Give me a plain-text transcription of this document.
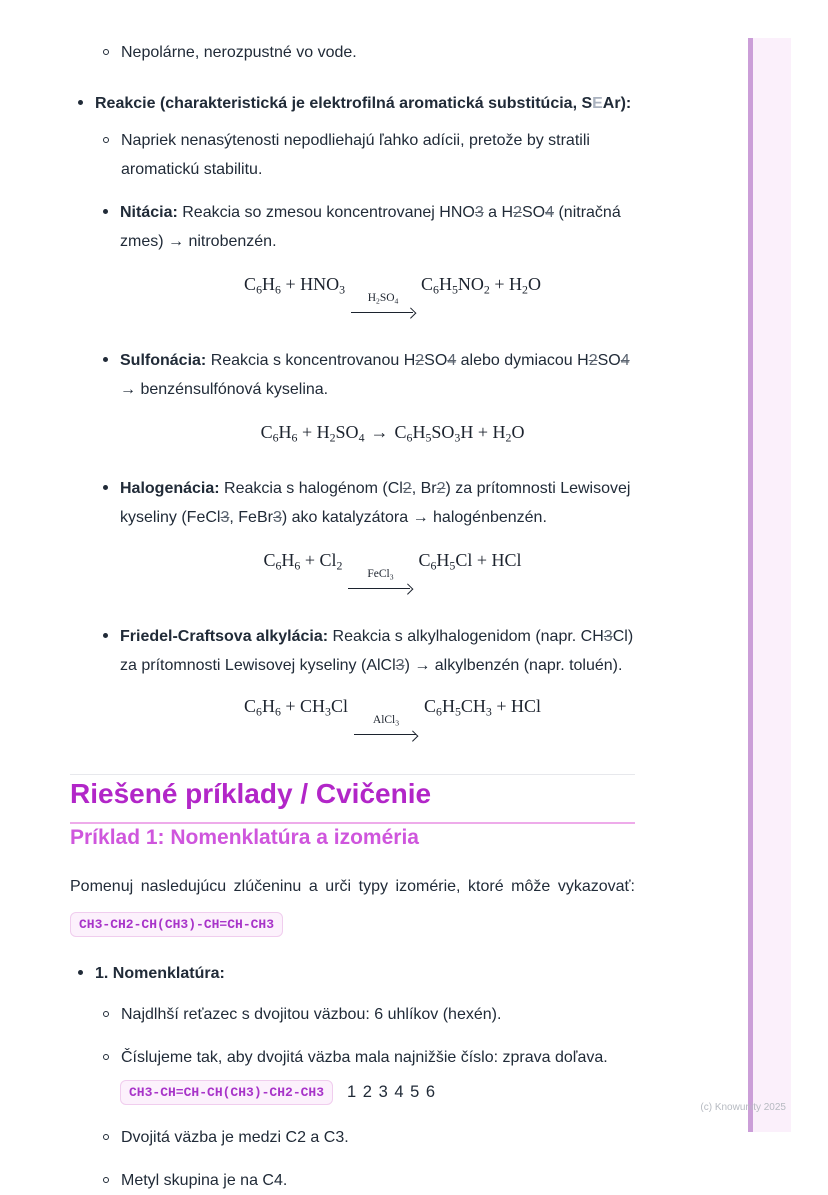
Nepolárne, nerozpustné vo vode.
Reakcie (charakteristická je elektrofilná aromatická substitúcia, SEAr):
Napriek nenasýtenosti nepodliehajú ľahko adícii, pretože by stratili aromatickú stabilitu.
Nitácia: Reakcia so zmesou koncentrovanej HNO3 a H2SO4 (nitračná zmes) → nitrobenzén.
$C_6H_6 + HNO_3$
$H_2SO_4$
$C_6H_5NO_2 + H_2O$
Sulfonácia: Reakcia s koncentrovanou H2SO4 alebo dymiacou H2SO4 → benzénsulfónová kyselina.
$C_6H_6 + H_2SO_4 \to C_6H_5SO_3H + H_2O$
Halogenácia: Reakcia s halogénom (Cl2, Br2) za prítomnosti Lewisovej kyseliny (FeCl3, FeBr3) ako katalyzátora → halogénbenzén.
$C_6H_6 + Cl_2$
FeCl$_3$
$C_6H_5Cl$ + HCl
Friedel-Craftsova alkylácia: Reakcia s alkylhalogenidom (napr. CH3Cl) za prítomnosti Lewisovej kyseliny (AlCl3) → alkylbenzén (napr. toluén).
$C_6H_6 + CH_3Cl$
AlCl$_3$
$C_6H_5CH_3$ + HCl
Riešené príklady / Cvičenie
Príklad 1: Nomenklatúra a izoméria

Pomenuj nasledujúcu zlúčeninu a urči typy izomérie, ktoré môže vykazovať:

CH3-CH2-CH(CH3)-CH=CH-CH3
1. Nomenklatúra:
Najdlhší reťazec s dvojitou väzbou: 6 uhlíkov (hexén).
Číslujeme tak, aby dvojitá väzba mala najnižšie číslo: zprava doľava.
CH3-CH=CH-CH(CH3)-CH2-CH3	1 2 3 4 5 6
Dvojitá väzba je medzi C2 a C3.
Metyl skupina je na C4.
(c) Knowunity 2025
